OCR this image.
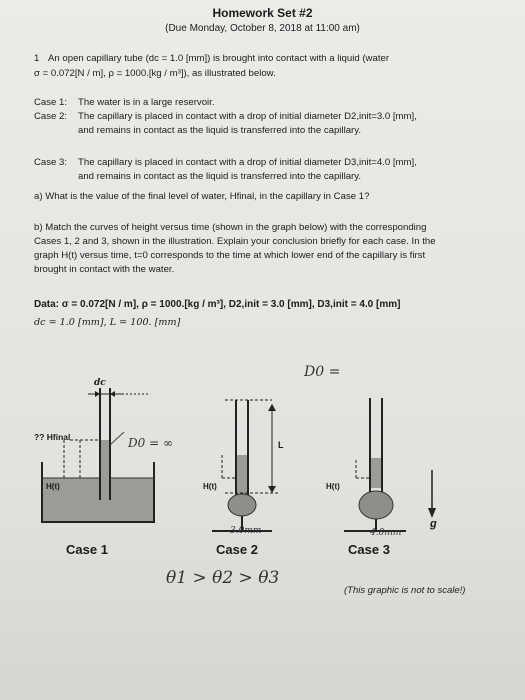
Homework Set #2
(Due Monday, October 8, 2018 at 11:00 am)
1 An open capillary tube (dc = 1.0 [mm]) is brought into contact with a liquid (water
σ = 0.072[N / m], ρ = 1000.[kg / m³]), as illustrated below.
Case 1: The water is in a large reservoir.
Case 2: The capillary is placed in contact with a drop of initial diameter D2,init=3.0 [mm],
and remains in contact as the liquid is transferred into the capillary.
Case 3: The capillary is placed in contact with a drop of initial diameter D3,init=4.0 [mm],
and remains in contact as the liquid is transferred into the capillary.
a) What is the value of the final level of water, Hfinal, in the capillary in Case 1?
b) Match the curves of height versus time (shown in the graph below) with the corresponding
Cases 1, 2 and 3, shown in the illustration. Explain your conclusion briefly for each case. In the
graph H(t) versus time, t=0 corresponds to the time at which lower end of the capillary is first
brought in contact with the water.
Data: σ = 0.072[N / m], ρ = 1000.[kg / m³], D2,init = 3.0 [mm], D3,init = 4.0 [mm]
dc = 1.0 [mm], L = 100. [mm]
dc
?? Hfinal
H(t)	H(t)	H(t)
L
g
Case 1	Case 2	Case 3
(This graphic is not to scale!)
D0 =
D0 = ∞
3.0mm	4.0mm
θ1 > θ2 > θ3
